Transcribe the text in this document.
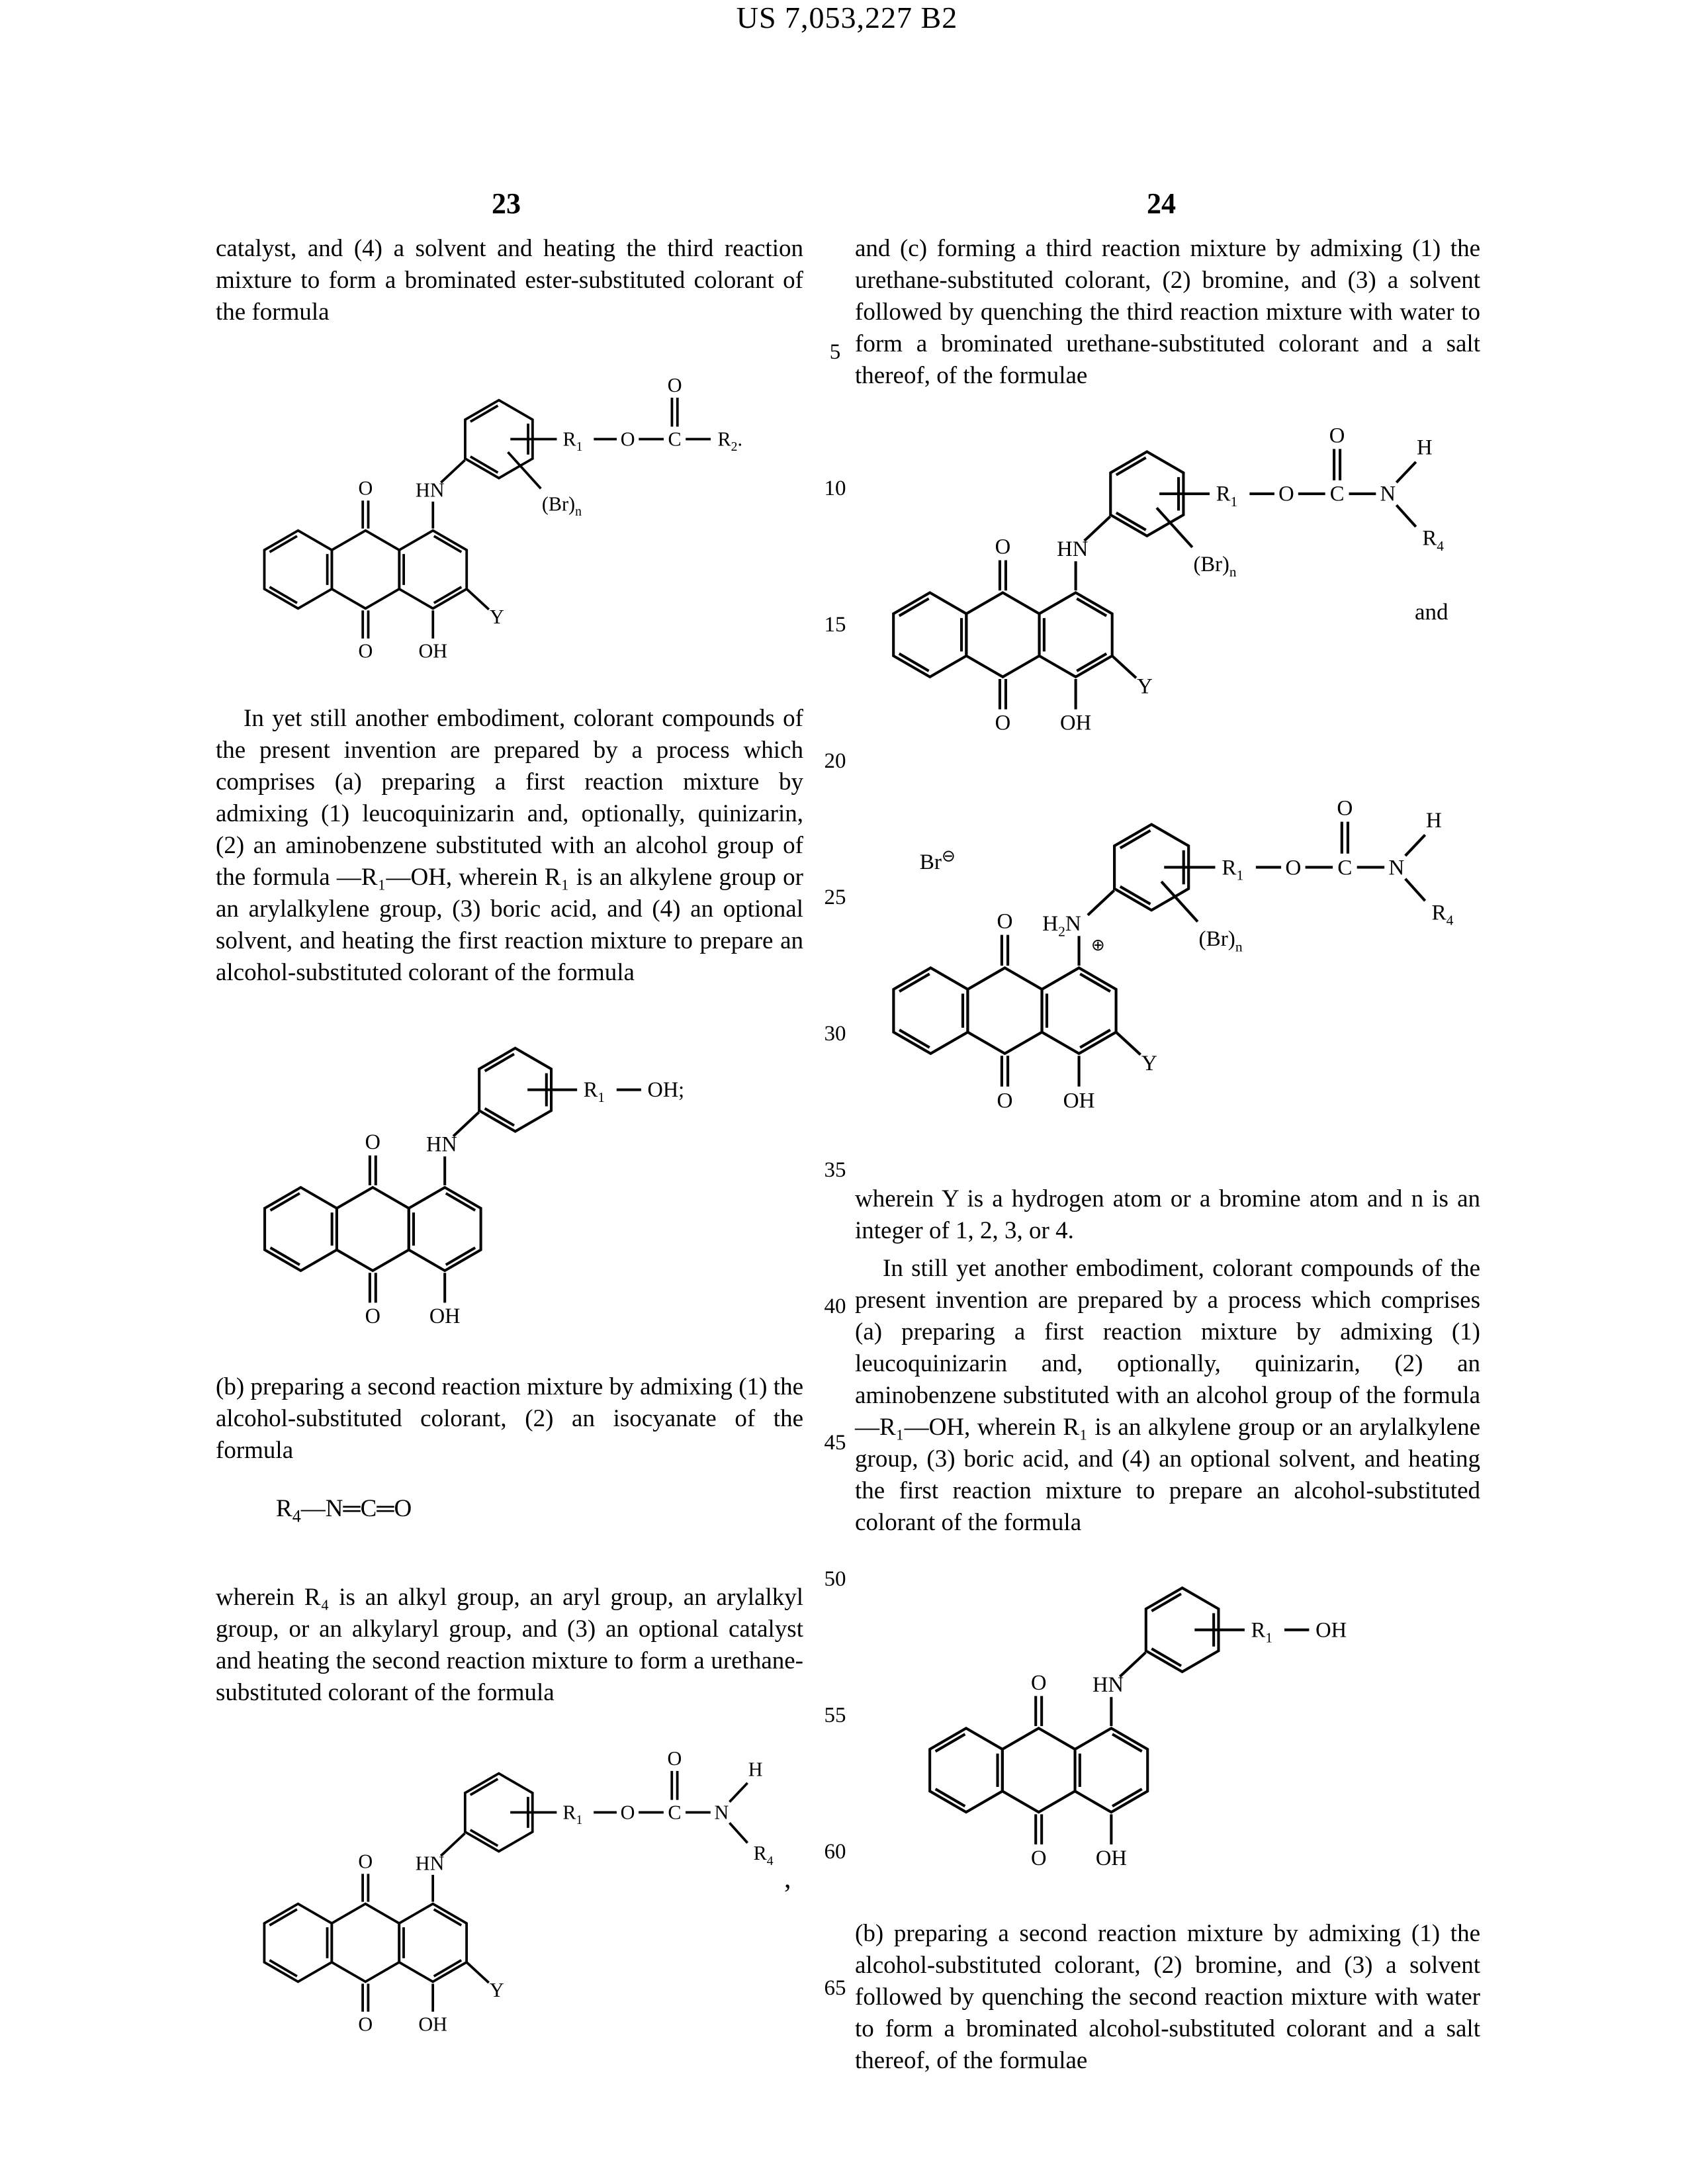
US 7,053,227 B2
23	24
5
10
15
20
25
30
35
40
45
50
55
60
65
catalyst, and (4) a solvent and heating the third reaction mixture to form a brominated ester-substituted colorant of the formula
O
O OH
HN
Y
$(Br)_n$
$R_1$ O C
O
$R_2$.
In yet still another embodiment, colorant compounds of the present invention are prepared by a process which comprises (a) preparing a first reaction mixture by admixing (1) leucoquinizarin and, optionally, quinizarin, (2) an aminobenzene substituted with an alcohol group of the formula —R₁—OH, wherein R₁ is an alkylene group or an arylalkylene group, (3) boric acid, and (4) an optional solvent, and heating the first reaction mixture to prepare an alcohol-substituted colorant of the formula
O
O OH
HN
$R_1$ OH;
(b) preparing a second reaction mixture by admixing (1) the alcohol-substituted colorant, (2) an isocyanate of the formula
$R_4—N═C═O$
wherein R₄ is an alkyl group, an aryl group, an arylalkyl group, or an alkylaryl group, and (3) an optional catalyst and heating the second reaction mixture to form a urethane-substituted colorant of the formula
O
O OH
HN
Y
$R_1$ O C
O
N
H
$R_4$
,
and (c) forming a third reaction mixture by admixing (1) the urethane-substituted colorant, (2) bromine, and (3) a solvent followed by quenching the third reaction mixture with water to form a brominated urethane-substituted colorant and a salt thereof, of the formulae
O
O OH
HN
Y
$(Br)_n$
$R_1$ O C
O
N
H
$R_4$
and
Br⊖
O
O OH
$H_2N$
⊕
Y
$(Br)_n$
$R_1$ O C
O
N
H
$R_4$
wherein Y is a hydrogen atom or a bromine atom and n is an integer of 1, 2, 3, or 4.
In still yet another embodiment, colorant compounds of the present invention are prepared by a process which comprises (a) preparing a first reaction mixture by admixing (1) leucoquinizarin and, optionally, quinizarin, (2) an aminobenzene substituted with an alcohol group of the formula —R₁—OH, wherein R₁ is an alkylene group or an arylalkylene group, (3) boric acid, and (4) an optional solvent, and heating the first reaction mixture to prepare an alcohol-substituted colorant of the formula
O
O OH
HN
$R_1$ OH
(b) preparing a second reaction mixture by admixing (1) the alcohol-substituted colorant, (2) bromine, and (3) a solvent followed by quenching the second reaction mixture with water to form a brominated alcohol-substituted colorant and a salt thereof, of the formulae
